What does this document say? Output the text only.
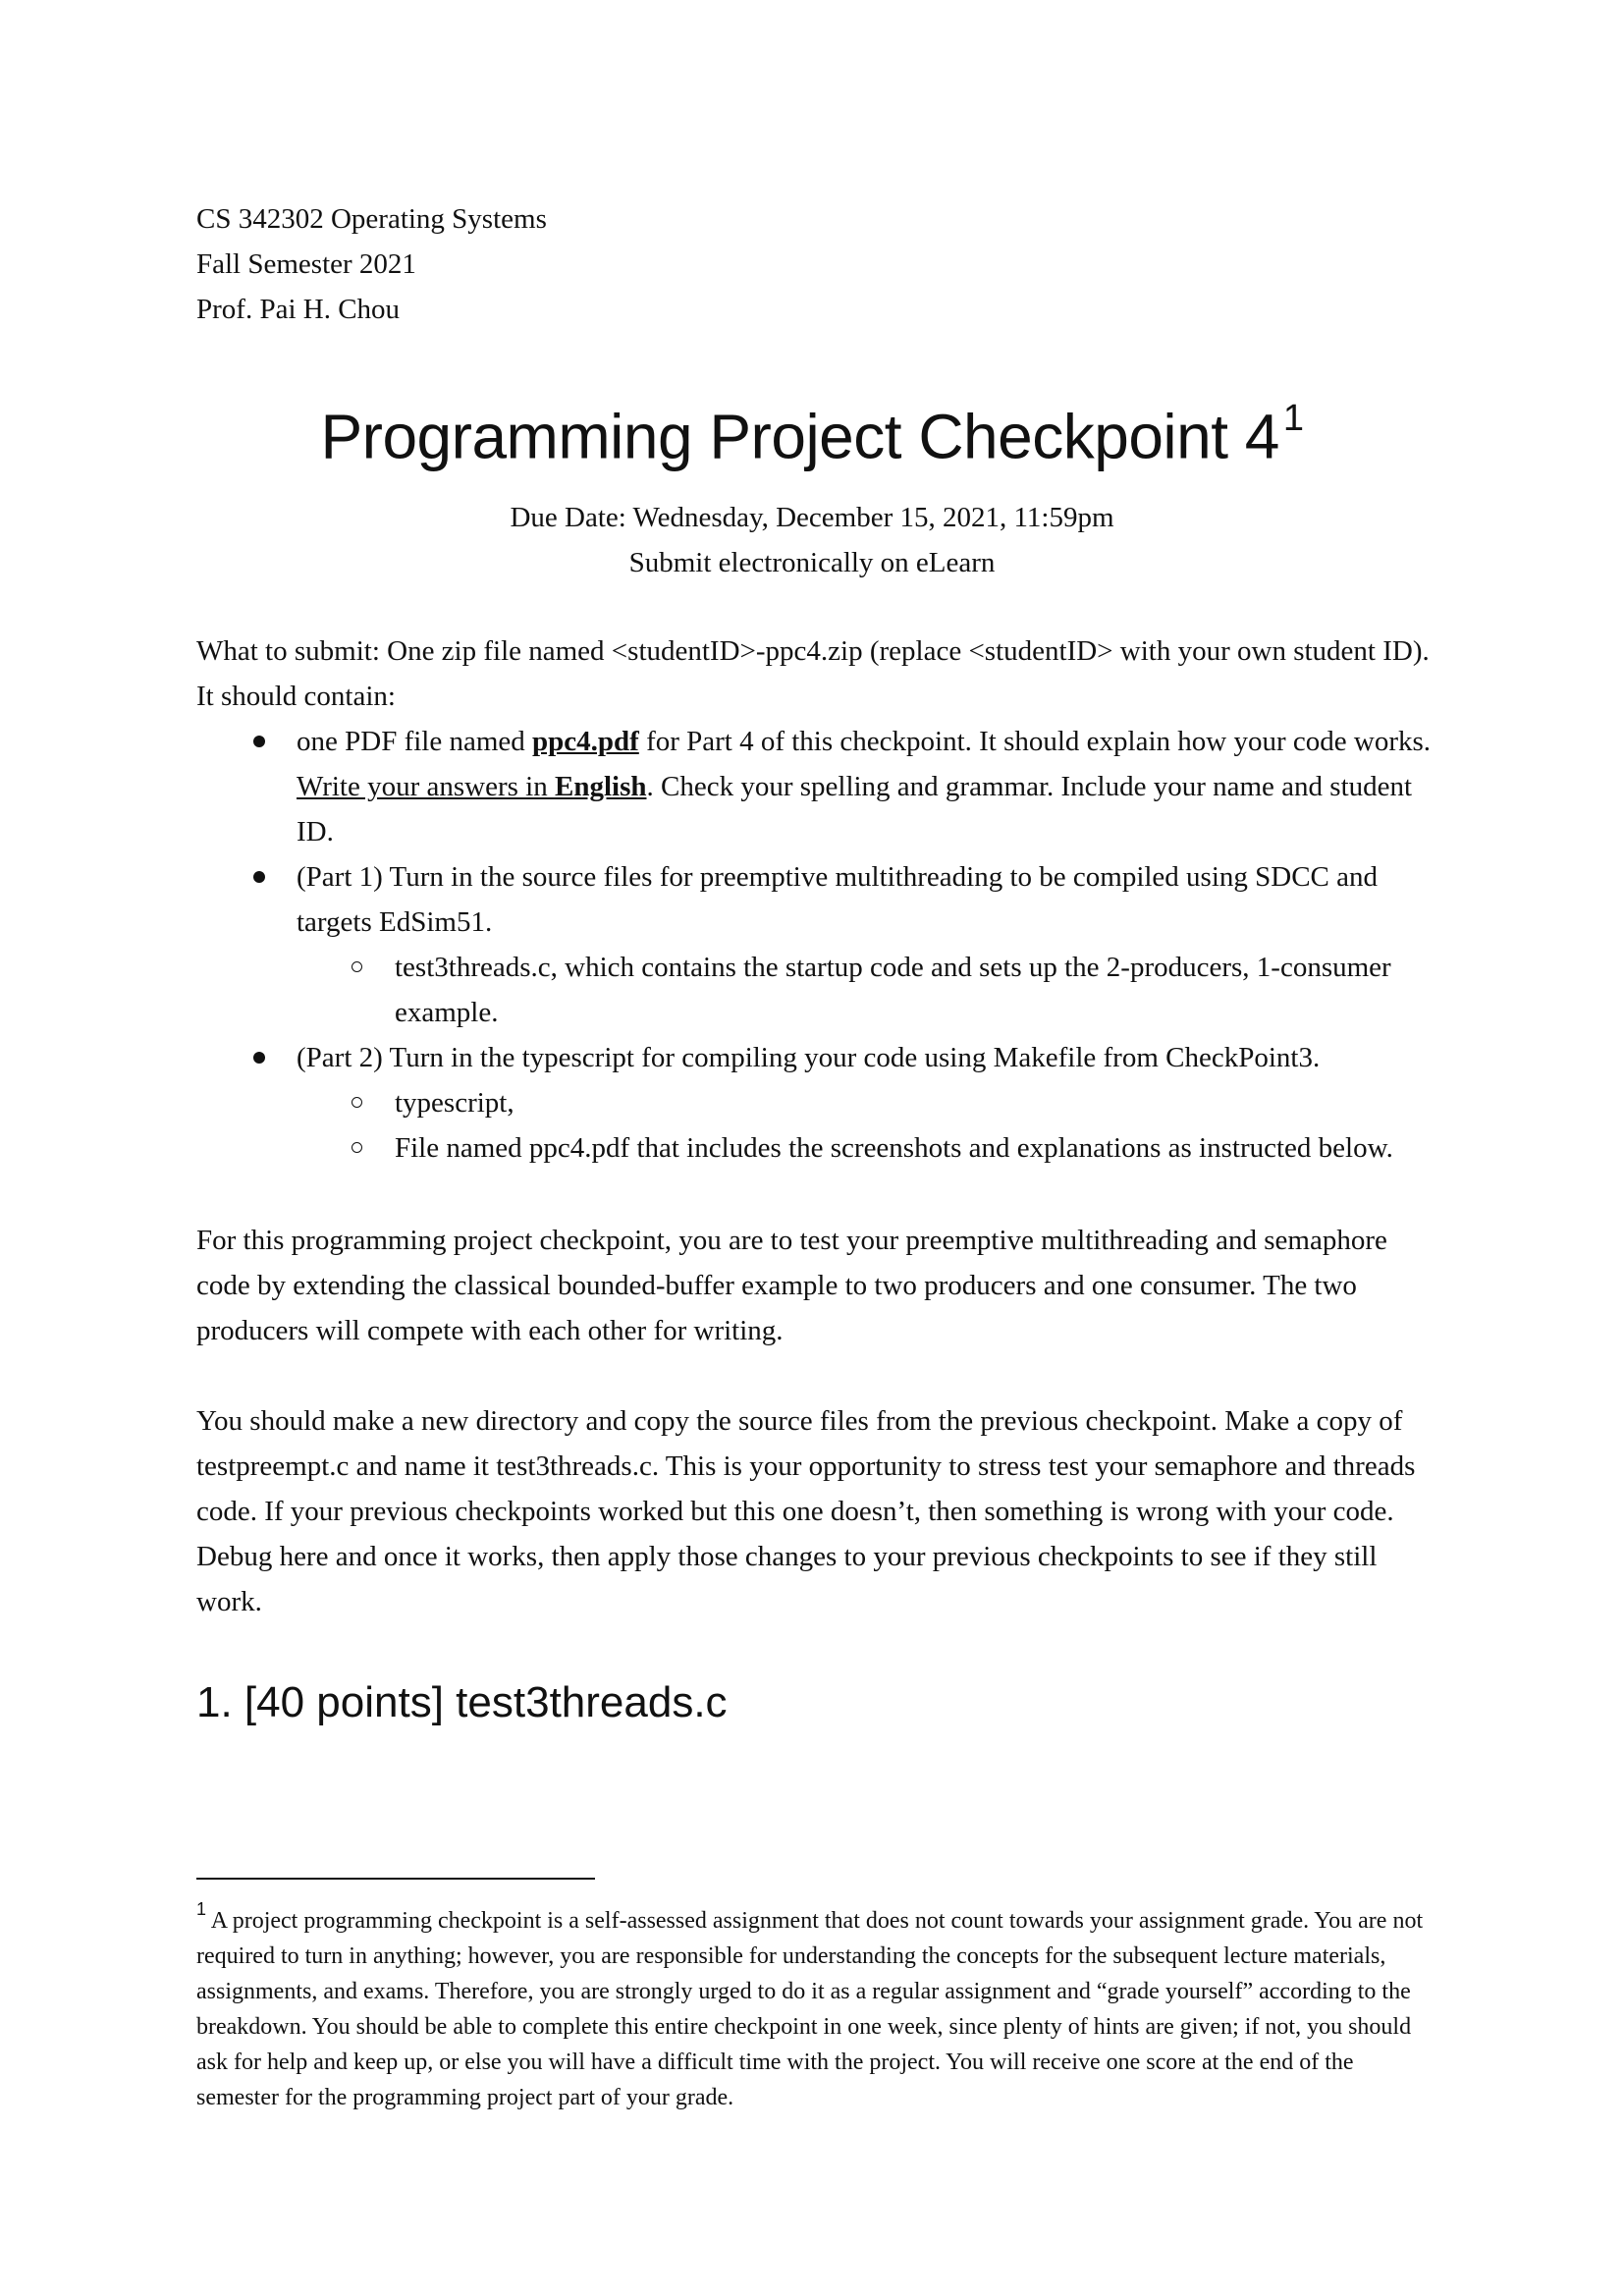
CS 342302 Operating Systems
Fall Semester 2021
Prof. Pai H. Chou
Programming Project Checkpoint 4 $^1$
Due Date: Wednesday, December 15, 2021, 11:59pm
Submit electronically on eLearn
What to submit: One zip file named <studentID>-ppc4.zip (replace <studentID> with your own student ID). It should contain:
one PDF file named ppc4.pdf for Part 4 of this checkpoint. It should explain how your code works. Write your answers in English. Check your spelling and grammar. Include your name and student ID.
(Part 1) Turn in the source files for preemptive multithreading to be compiled using SDCC and targets EdSim51.
test3threads.c, which contains the startup code and sets up the 2-producers, 1-consumer example.
(Part 2) Turn in the typescript for compiling your code using Makefile from CheckPoint3.
typescript,
File named ppc4.pdf that includes the screenshots and explanations as instructed below.
For this programming project checkpoint, you are to test your preemptive multithreading and semaphore code by extending the classical bounded-buffer example to two producers and one consumer. The two producers will compete with each other for writing.
You should make a new directory and copy the source files from the previous checkpoint. Make a copy of testpreempt.c and name it test3threads.c. This is your opportunity to stress test your semaphore and threads code. If your previous checkpoints worked but this one doesn’t, then something is wrong with your code. Debug here and once it works, then apply those changes to your previous checkpoints to see if they still work.
1. [40 points] test3threads.c
$^1$ A project programming checkpoint is a self-assessed assignment that does not count towards your assignment grade. You are not required to turn in anything; however, you are responsible for understanding the concepts for the subsequent lecture materials, assignments, and exams. Therefore, you are strongly urged to do it as a regular assignment and “grade yourself” according to the breakdown. You should be able to complete this entire checkpoint in one week, since plenty of hints are given; if not, you should ask for help and keep up, or else you will have a difficult time with the project. You will receive one score at the end of the semester for the programming project part of your grade.
